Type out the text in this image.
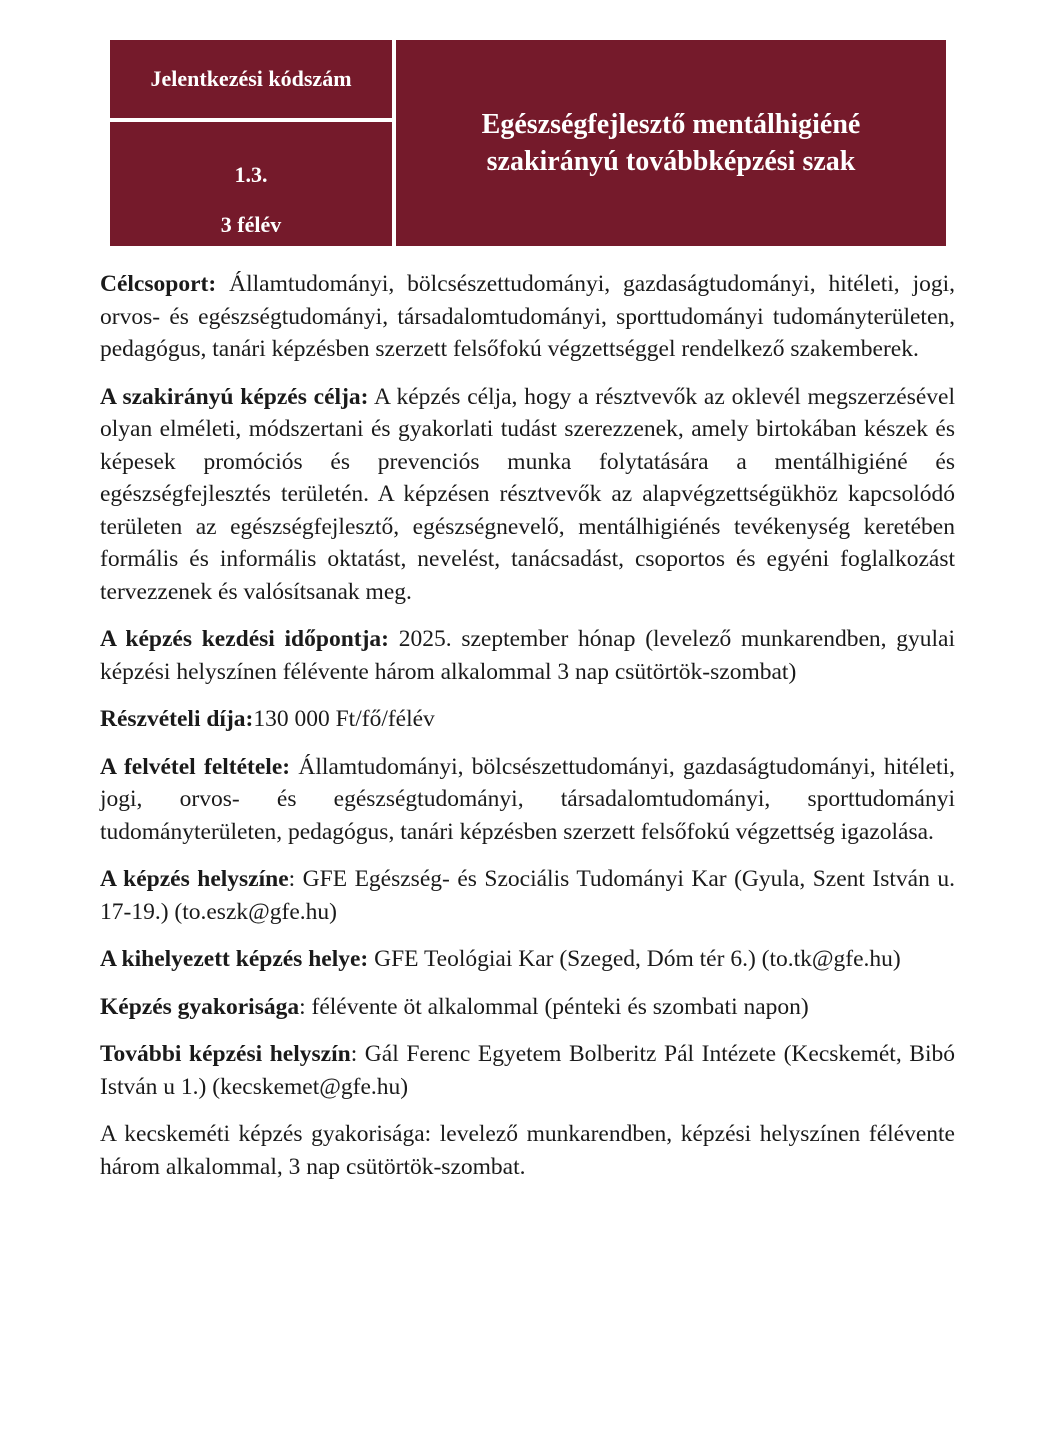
Jelentkezési kódszám
1.3.
3 félév
Egészségfejlesztő mentálhigiéné
szakirányú továbbképzési szak

Célcsoport: Államtudományi, bölcsészettudományi, gazdaságtudományi, hitéleti, jogi, orvos- és egészségtudományi, társadalomtudományi, sporttudományi tudományterületen, pedagógus, tanári képzésben szerzett felsőfokú végzettséggel rendelkező szakemberek.

A szakirányú képzés célja: A képzés célja, hogy a résztvevők az oklevél megszerzésével olyan elméleti, módszertani és gyakorlati tudást szerezzenek, amely birtokában készek és képesek promóciós és prevenciós munka folytatására a mentálhigiéné és egészségfejlesztés területén. A képzésen résztvevők az alapvégzettségükhöz kapcsolódó területen az egészségfejlesztő, egészségnevelő, mentálhigiénés tevékenység keretében formális és informális oktatást, nevelést, tanácsadást, csoportos és egyéni foglalkozást tervezzenek és valósítsanak meg.

A képzés kezdési időpontja: 2025. szeptember hónap (levelező munkarendben, gyulai képzési helyszínen félévente három alkalommal 3 nap csütörtök-szombat)

Részvételi díja:130 000 Ft/fő/félév

A felvétel feltétele: Államtudományi, bölcsészettudományi, gazdaságtudományi, hitéleti, jogi, orvos- és egészségtudományi, társadalomtudományi, sporttudományi tudományterületen, pedagógus, tanári képzésben szerzett felsőfokú végzettség igazolása.

A képzés helyszíne: GFE Egészség- és Szociális Tudományi Kar (Gyula, Szent István u. 17-19.) (to.eszk@gfe.hu)

A kihelyezett képzés helye: GFE Teológiai Kar (Szeged, Dóm tér 6.) (to.tk@gfe.hu)

Képzés gyakorisága: félévente öt alkalommal (pénteki és szombati napon)

További képzési helyszín: Gál Ferenc Egyetem Bolberitz Pál Intézete (Kecskemét, Bibó István u 1.) (kecskemet@gfe.hu)

A kecskeméti képzés gyakorisága: levelező munkarendben, képzési helyszínen félévente három alkalommal, 3 nap csütörtök-szombat.
